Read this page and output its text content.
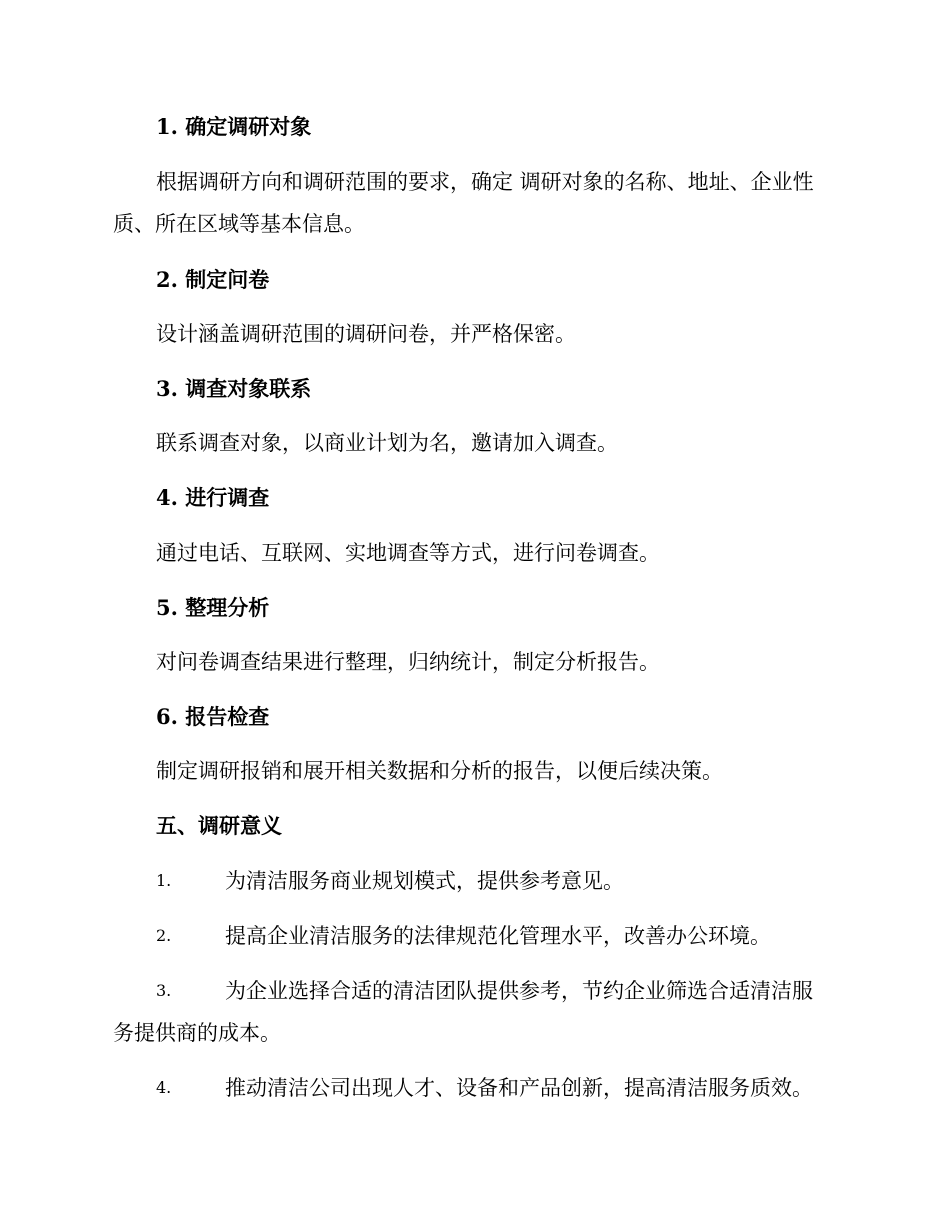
1. 确定调研对象
根据调研方向和调研范围的要求，确定 调研对象的名称、地址、企业性
质、所在区域等基本信息。
2. 制定问卷
设计涵盖调研范围的调研问卷，并严格保密。
3. 调查对象联系
联系调查对象，以商业计划为名，邀请加入调查。
4. 进行调查
通过电话、互联网、实地调查等方式，进行问卷调查。
5. 整理分析
对问卷调查结果进行整理，归纳统计，制定分析报告。
6. 报告检查
制定调研报销和展开相关数据和分析的报告，以便后续决策。
五、调研意义
1.	为清洁服务商业规划模式，提供参考意见。
2.	提高企业清洁服务的法律规范化管理水平，改善办公环境。
3.	为企业选择合适的清洁团队提供参考，节约企业筛选合适清洁服
务提供商的成本。
4.	推动清洁公司出现人才、设备和产品创新，提高清洁服务质效。
